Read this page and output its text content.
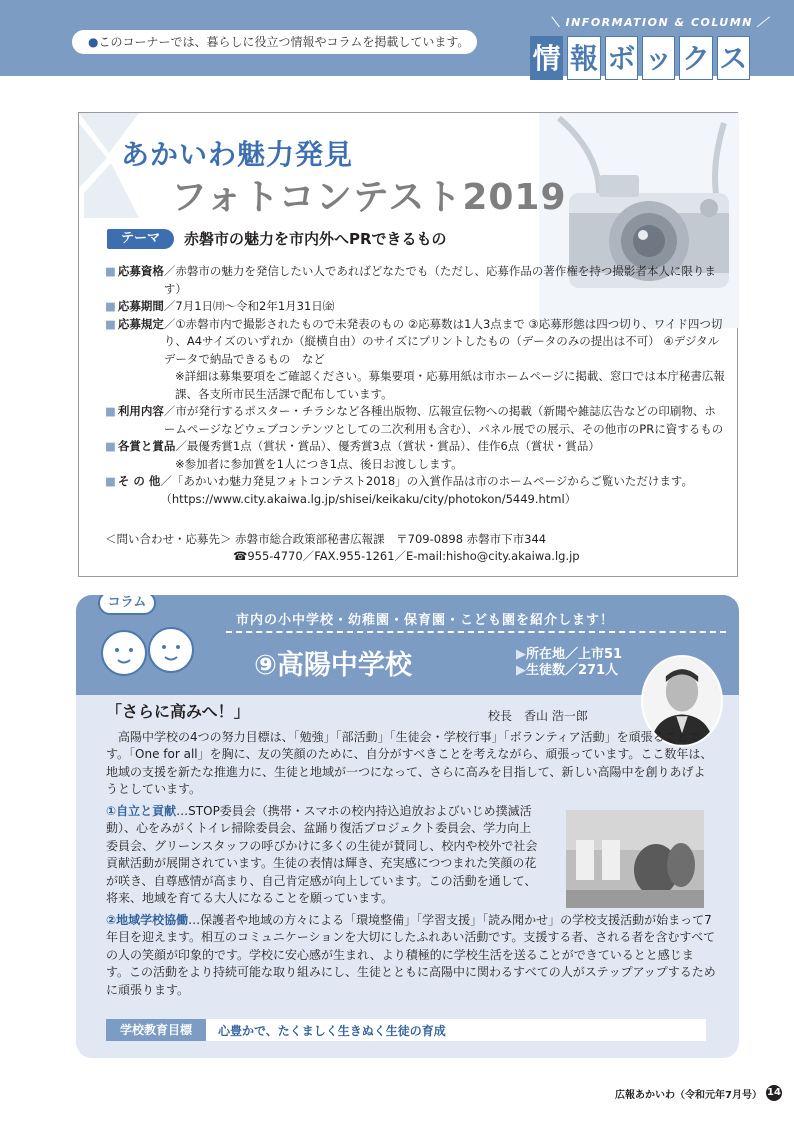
●このコーナーでは、暮らしに役立つ情報やコラムを掲載しています。
＼ INFORMATION & COLUMN ／
情 報 ボ ッ ク ス
あかいわ魅力発見
フォトコンテスト2019
テーマ	赤磐市の魅力を市内外へPRできるもの
■ 応募資格 ／赤磐市の魅力を発信したい人であればどなたでも（ただし、応募作品の著作権を持つ撮影者本人に限ります）
■ 応募期間 ／7月1日㈪～令和2年1月31日㈮
■ 応募規定 ／①赤磐市内で撮影されたもので未発表のもの ②応募数は1人3点まで ③応募形態は四つ切り、ワイド四つ切り、A4サイズのいずれか（縦横自由）のサイズにプリントしたもの（データのみの提出は不可） ④デジタルデータで納品できるもの　など
※詳細は募集要項をご確認ください。募集要項・応募用紙は市ホームページに掲載、窓口では本庁秘書広報課、各支所市民生活課で配布しています。
■ 利用内容 ／市が発行するポスター・チラシなど各種出版物、広報宣伝物への掲載（新聞や雑誌広告などの印刷物、ホームページなどウェブコンテンツとしての二次利用も含む）、パネル展での展示、その他市のPRに資するもの
■ 各賞と賞品 ／最優秀賞1点（賞状・賞品）、優秀賞3点（賞状・賞品）、佳作6点（賞状・賞品）
※参加者に参加賞を1人につき1点、後日お渡しします。
■ そ の 他 ／「あかいわ魅力発見フォトコンテスト2018」の入賞作品は市のホームページからご覧いただけます。（https://www.city.akaiwa.lg.jp/shisei/keikaku/city/photokon/5449.html）
＜問い合わせ・応募先＞ 赤磐市総合政策部秘書広報課　〒709-0898 赤磐市下市344
☎955-4770／FAX.955-1261／E-mail:hisho@city.akaiwa.lg.jp
コラム
市内の小中学校・幼稚園・保育園・こども園を紹介します！
⑨高陽中学校	▶所在地／上市51
▶生徒数／271人
「さらに高みへ！」
高陽中学校の4つの努力目標は、「勉強」「部活動」「生徒会・学校行事」「ボランティア活動」を頑張ることです。「One for all」を胸に、友の笑顔のために、自分がすべきことを考えながら、頑張っています。ここ数年は、地域の支援を新たな推進力に、生徒と地域が一つになって、さらに高みを目指して、新しい高陽中を創りあげようとしています。
①自立と貢献…STOP委員会（携帯・スマホの校内持込追放およびいじめ撲滅活動）、心をみがくトイレ掃除委員会、盆踊り復活プロジェクト委員会、学力向上委員会、グリーンスタッフの呼びかけに多くの生徒が賛同し、校内や校外で社会貢献活動が展開されています。生徒の表情は輝き、充実感につつまれた笑顔の花が咲き、自尊感情が高まり、自己肯定感が向上しています。この活動を通して、将来、地域を育てる大人になることを願っています。
②地域学校協働…保護者や地域の方々による「環境整備」「学習支援」「読み聞かせ」の学校支援活動が始まって7年目を迎えます。相互のコミュニケーションを大切にしたふれあい活動です。支援する者、される者を含むすべての人の笑顔が印象的です。学校に安心感が生まれ、より積極的に学校生活を送ることができているとと感じます。この活動をより持続可能な取り組みにし、生徒とともに高陽中に関わるすべての人がステップアップするために頑張ります。
校長　香山 浩一郎
学校教育目標	心豊かで、たくましく生きぬく生徒の育成
広報あかいわ（令和元年7月号） 14
